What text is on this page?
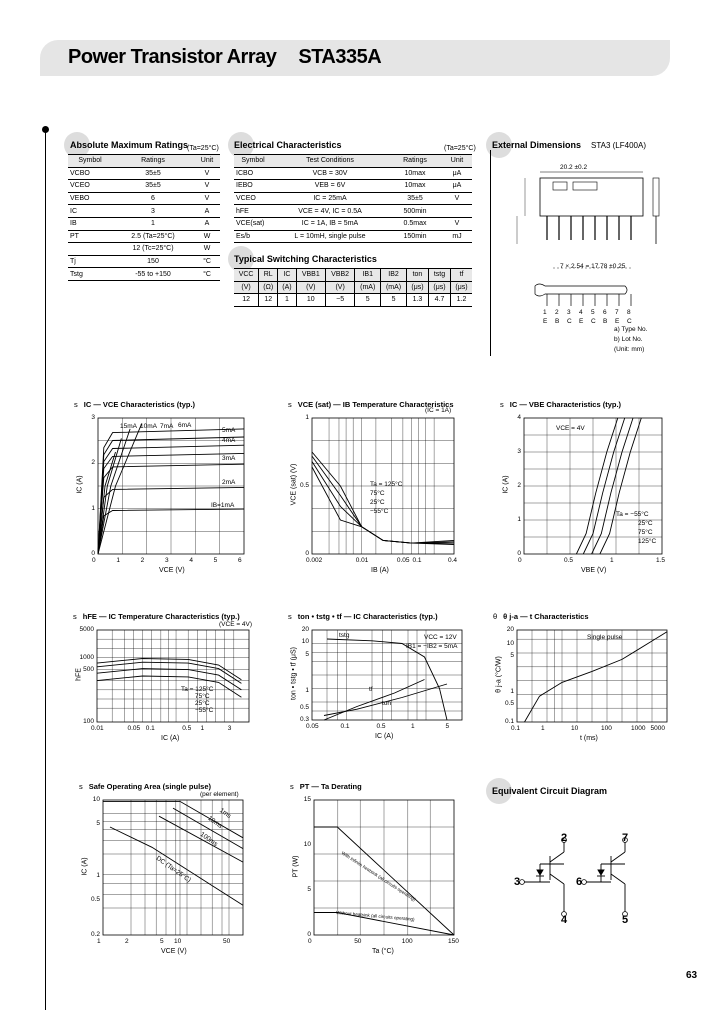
Power Transistor Array STA335A
Absolute Maximum Ratings
(Ta=25°C)
Symbol	Ratings	Unit
VCBO	35±5	V
VCEO	35±5	V
VEBO	6	V
IC	3	A
IB	1	A
PT	2.5 (Ta=25°C)	W
	12 (Tc=25°C)	W
Tj	150	°C
Tstg	-55 to +150	°C
Electrical Characteristics	(Ta=25°C)
Symbol	Test Conditions	Ratings	Unit
ICBO	VCB = 30V	10max	μA
IEBO	VEB = 6V	10max	μA
VCEO	IC = 25mA	35±5	V
hFE	VCE = 4V, IC = 0.5A	500min	
VCE(sat)	IC = 1A, IB = 5mA	0.5max	V
Es/b	L = 10mH, single pulse	150min	mJ
Typical Switching Characteristics
VCC	RL	IC	VBB1	VBB2	IB1	IB2	ton	tstg	tf
(V)	(Ω)	(A)	(V)	(V)	(mA)	(mA)	(μs)	(μs)	(μs)
12	12	1	10	−5	5	5	1.3	4.7	1.2
External Dimensions STA3 (LF400A)
20.2 ±0.2
7 × 2.54 = 17.78 ±0.25
1
E
2
B
3
C
4
E
5
C
6
B
7
E
8
C
a) Type No.
b) Lot No.
(Unit: mm)
s IC — VCE Characteristics (typ.)
0	1	2	3	4	5	6
0
1
2
3
VCE (V)
IC (A)
5mA
4mA
3mA
2mA
IB=1mA
15mA 10mA 7mA 6mA
s VCE (sat) — IB Temperature Characteristics
0.002	0.01	0.05 0.1	0.4
0
0.5
1
IB (A)
VCE (sat) (V)
(IC = 1A)
Ta = 125°C
75°C
25°C
−55°C
s IC — VBE Characteristics (typ.)
0	0.5	1	1.5
0
1
2
3
4
VBE (V)
IC (A)
VCE = 4V
Ta = −55°C
25°C
75°C
125°C
s hFE — IC Temperature Characteristics (typ.)
0.01	0.05 0.1	0.5 1	3
100
500
1000
5000
IC (A)
hFE
(VCE = 4V)
Ta = 125°C
75°C
25°C
−55°C
s ton • tstg • tf — IC Characteristics (typ.)
0.05	0.1	0.5	1	5
0.3
0.5
1
5
10
20
IC (A)
ton • tstg • tf (μS)
VCC = 12V
IB1 = −IB2 = 5mA
tstg
tf
ton
θ θ j-a — t Characteristics
0.1	1	10	100	1000 5000
0.1
0.5
1
5
10
20
t (ms)
θ j-a (°C/W)
Single pulse
s Safe Operating Area (single pulse)
1	2	5 10	50
0.2
0.5
1
5
10
VCE (V)
IC (A)
(per element)
1ms
10ms
100ms
DC (Ta=25°C)
s PT — Ta Derating
0	50	100	150
0
5
10
15
Ta (°C)
PT (W)	With Infinite heatsink (all circuits operating)
Without heatsink (all circuits operating)
Equivalent Circuit Diagram
2
3
4
7
6
5
63
